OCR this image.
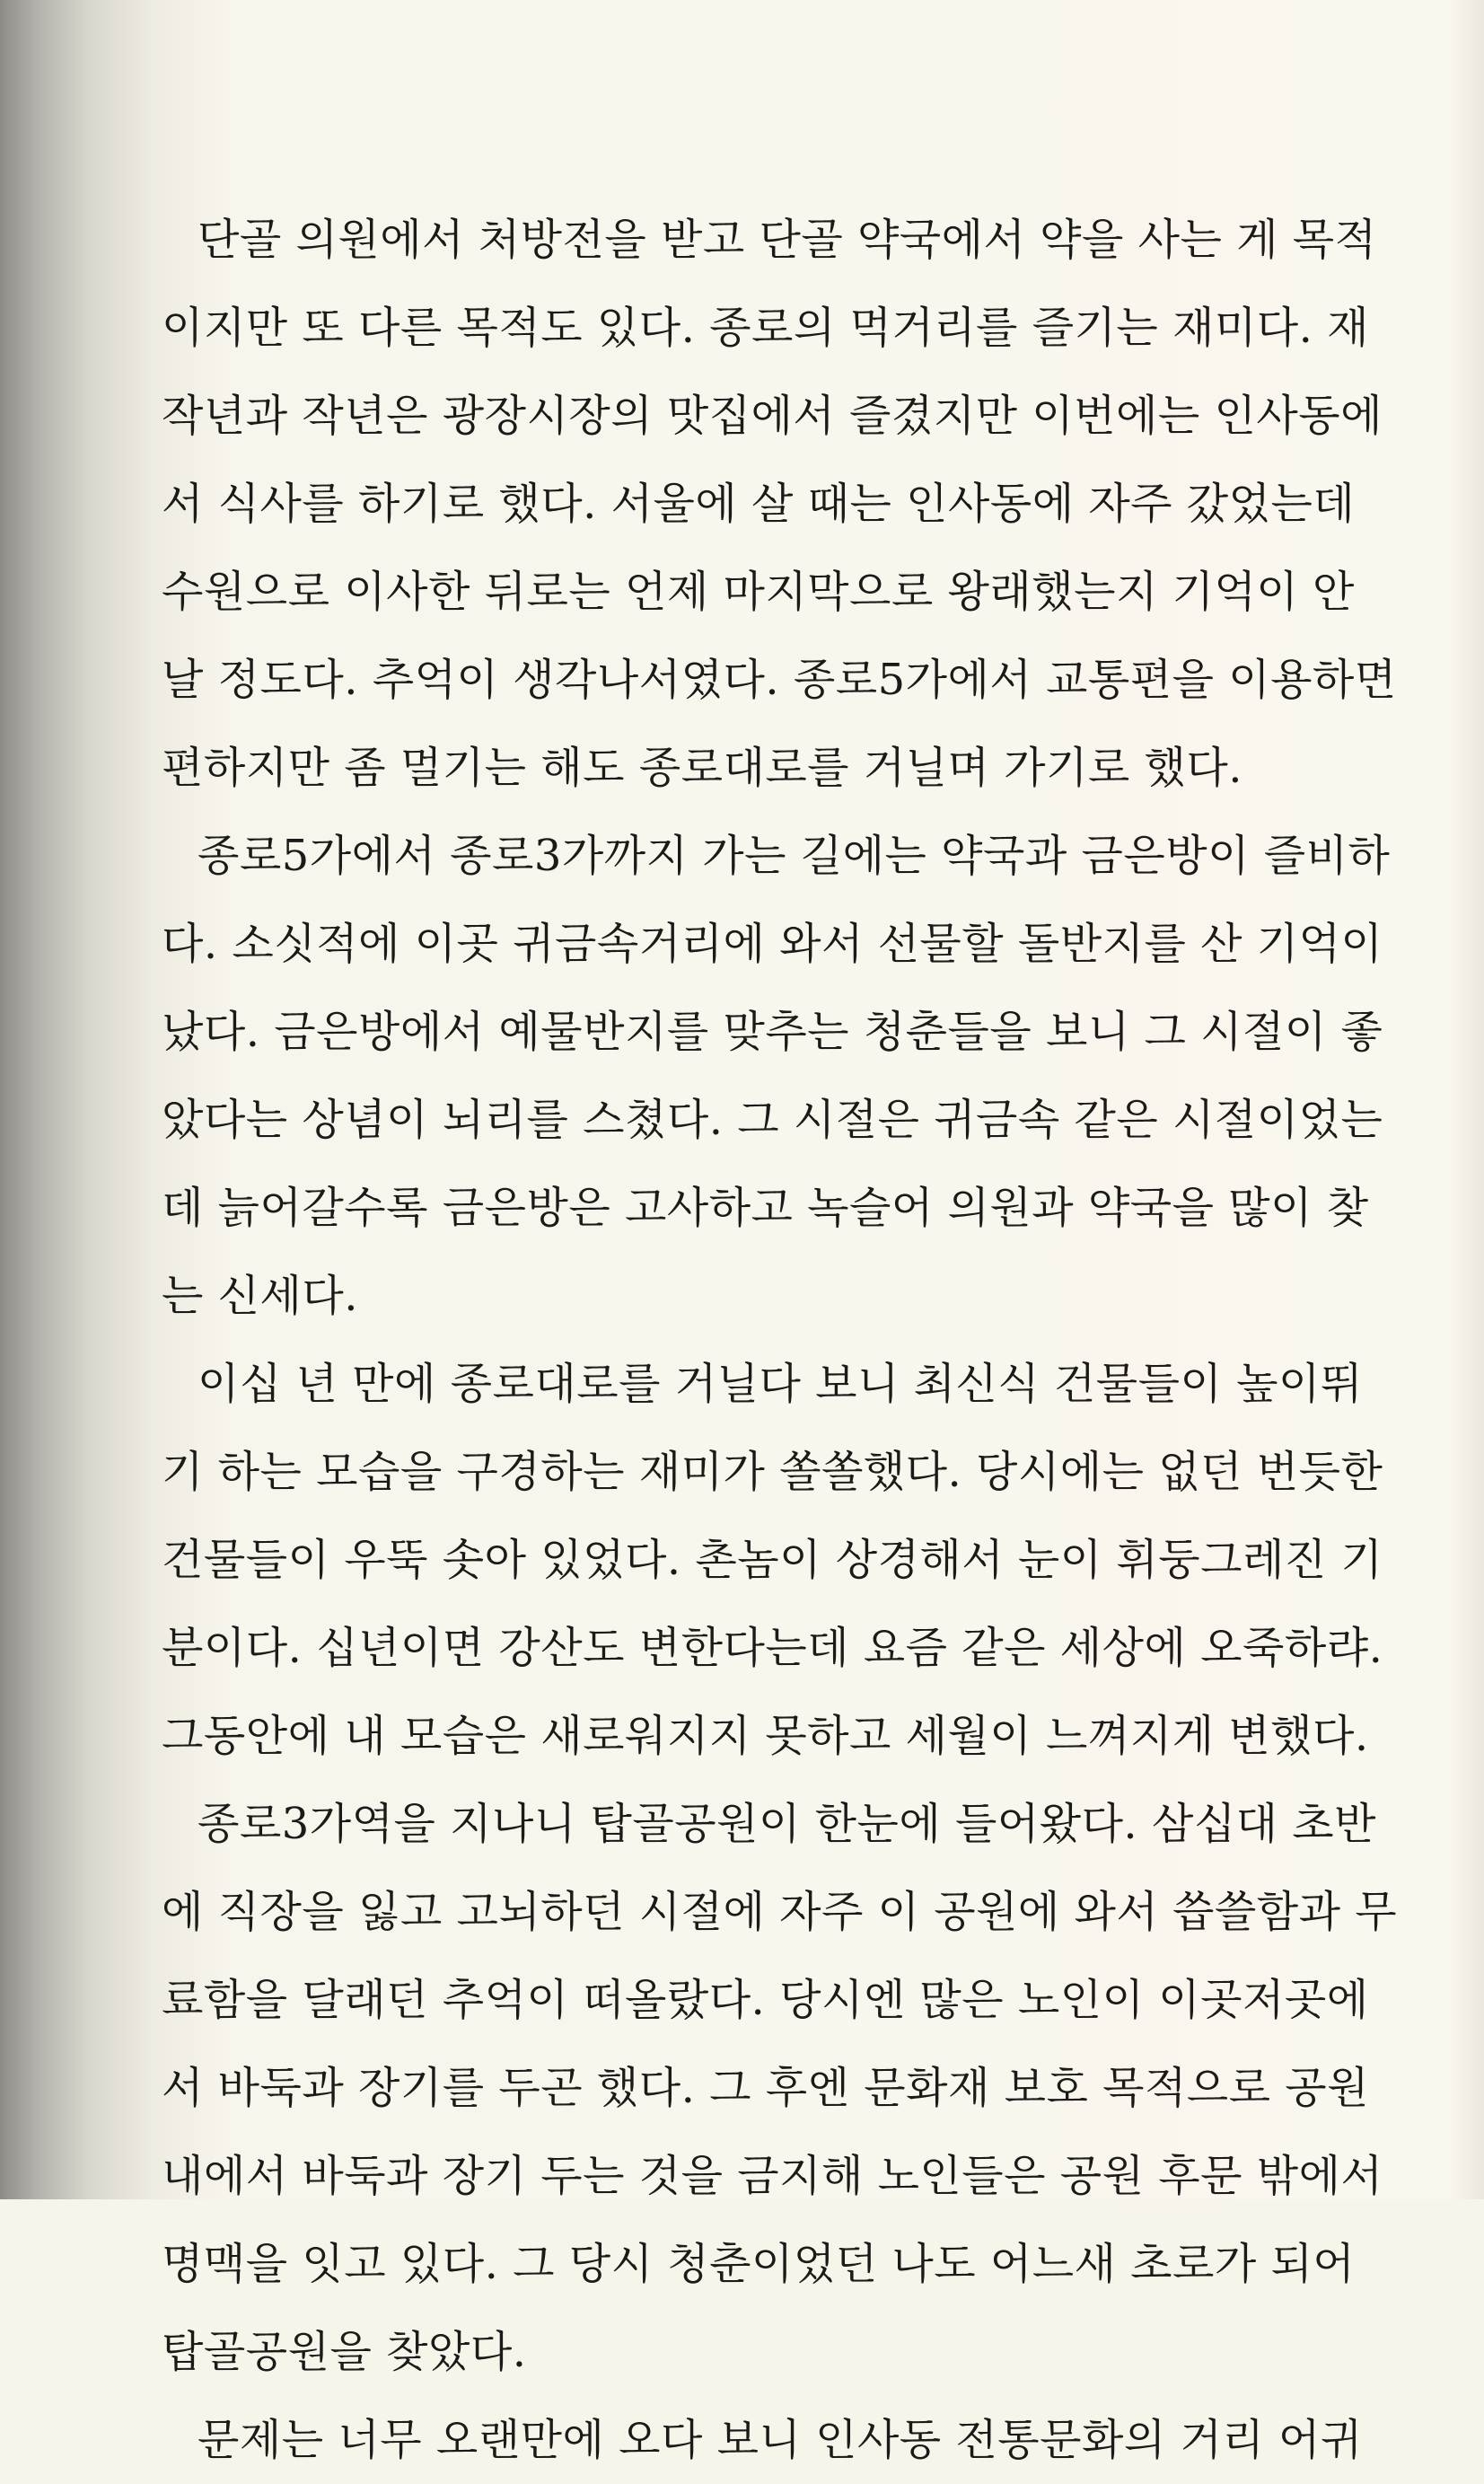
단골 의원에서 처방전을 받고 단골 약국에서 약을 사는 게 목적
이지만 또 다른 목적도 있다. 종로의 먹거리를 즐기는 재미다. 재
작년과 작년은 광장시장의 맛집에서 즐겼지만 이번에는 인사동에
서 식사를 하기로 했다. 서울에 살 때는 인사동에 자주 갔었는데
수원으로 이사한 뒤로는 언제 마지막으로 왕래했는지 기억이 안
날 정도다. 추억이 생각나서였다. 종로5가에서 교통편을 이용하면
편하지만 좀 멀기는 해도 종로대로를 거닐며 가기로 했다.
종로5가에서 종로3가까지 가는 길에는 약국과 금은방이 즐비하
다. 소싯적에 이곳 귀금속거리에 와서 선물할 돌반지를 산 기억이
났다. 금은방에서 예물반지를 맞추는 청춘들을 보니 그 시절이 좋
았다는 상념이 뇌리를 스쳤다. 그 시절은 귀금속 같은 시절이었는
데 늙어갈수록 금은방은 고사하고 녹슬어 의원과 약국을 많이 찾
는 신세다.
이십 년 만에 종로대로를 거닐다 보니 최신식 건물들이 높이뛰
기 하는 모습을 구경하는 재미가 쏠쏠했다. 당시에는 없던 번듯한
건물들이 우뚝 솟아 있었다. 촌놈이 상경해서 눈이 휘둥그레진 기
분이다. 십년이면 강산도 변한다는데 요즘 같은 세상에 오죽하랴.
그동안에 내 모습은 새로워지지 못하고 세월이 느껴지게 변했다.
종로3가역을 지나니 탑골공원이 한눈에 들어왔다. 삼십대 초반
에 직장을 잃고 고뇌하던 시절에 자주 이 공원에 와서 씁쓸함과 무
료함을 달래던 추억이 떠올랐다. 당시엔 많은 노인이 이곳저곳에
서 바둑과 장기를 두곤 했다. 그 후엔 문화재 보호 목적으로 공원
내에서 바둑과 장기 두는 것을 금지해 노인들은 공원 후문 밖에서
명맥을 잇고 있다. 그 당시 청춘이었던 나도 어느새 초로가 되어
탑골공원을 찾았다.
문제는 너무 오랜만에 오다 보니 인사동 전통문화의 거리 어귀
